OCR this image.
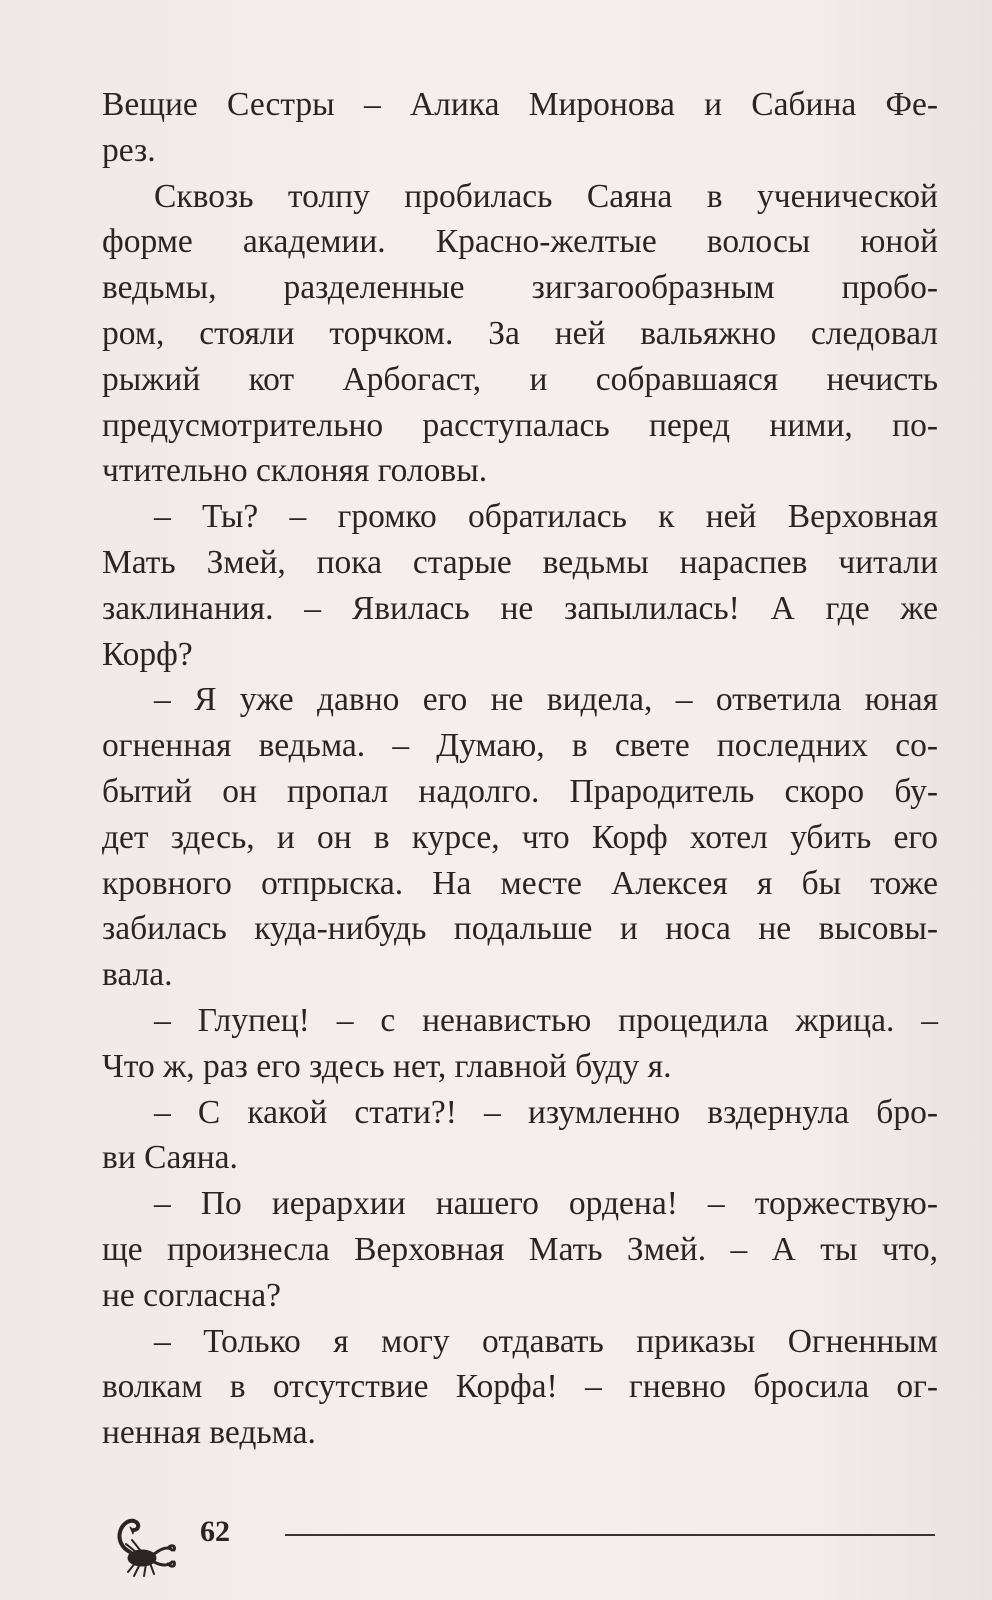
Вещие Сестры – Алика Миронова и Сабина Фе-
рез.
Сквозь толпу пробилась Саяна в ученической
форме академии. Красно-желтые волосы юной
ведьмы, разделенные зигзагообразным пробо-
ром, стояли торчком. За ней вальяжно следовал
рыжий кот Арбогаст, и собравшаяся нечисть
предусмотрительно расступалась перед ними, по-
чтительно склоняя головы.
– Ты? – громко обратилась к ней Верховная
Мать Змей, пока старые ведьмы нараспев читали
заклинания. – Явилась не запылилась! А где же
Корф?
– Я уже давно его не видела, – ответила юная
огненная ведьма. – Думаю, в свете последних со-
бытий он пропал надолго. Прародитель скоро бу-
дет здесь, и он в курсе, что Корф хотел убить его
кровного отпрыска. На месте Алексея я бы тоже
забилась куда-нибудь подальше и носа не высовы-
вала.
– Глупец! – с ненавистью процедила жрица. –
Что ж, раз его здесь нет, главной буду я.
– С какой стати?! – изумленно вздернула бро-
ви Саяна.
– По иерархии нашего ордена! – торжествую-
ще произнесла Верховная Мать Змей. – А ты что,
не согласна?
– Только я могу отдавать приказы Огненным
волкам в отсутствие Корфа! – гневно бросила ог-
ненная ведьма.
62
